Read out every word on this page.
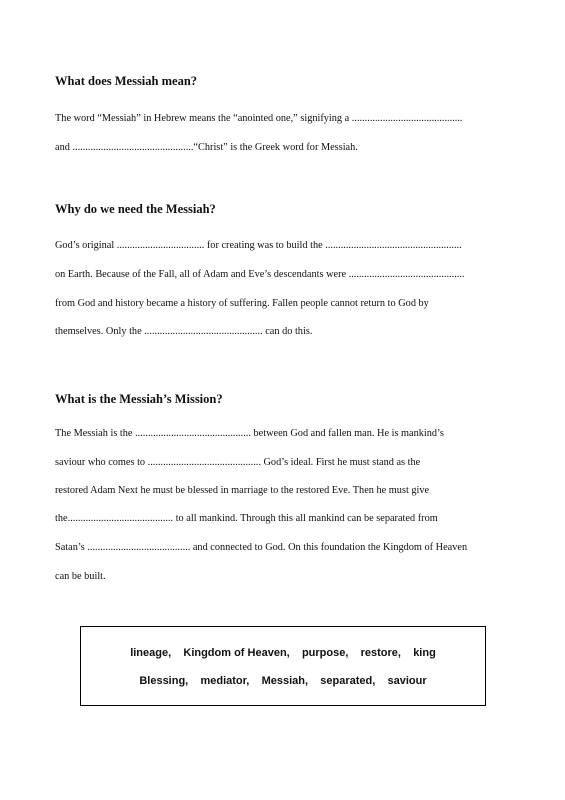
What does Messiah mean?
The word “Messiah” in Hebrew means the “anointed one,” signifying a ...........................................
and ...............................................“Christ” is the Greek word for Messiah.
Why do we need the Messiah?
God’s original .................................. for creating was to build the .....................................................
on Earth. Because of the Fall, all of Adam and Eve’s descendants were .............................................
from God and history became a history of suffering. Fallen people cannot return to God by
themselves. Only the .............................................. can do this.
What is the Messiah’s Mission?
The Messiah is the ............................................. between God and fallen man. He is mankind’s
saviour who comes to ............................................ God’s ideal. First he must stand as the
restored Adam Next he must be blessed in marriage to the restored Eve. Then he must give
the......................................... to all mankind. Through this all mankind can be separated from
Satan’s ........................................ and connected to God. On this foundation the Kingdom of Heaven
can be built.
lineage,    Kingdom of Heaven,    purpose,    restore,    king
Blessing,    mediator,    Messiah,    separated,    saviour
